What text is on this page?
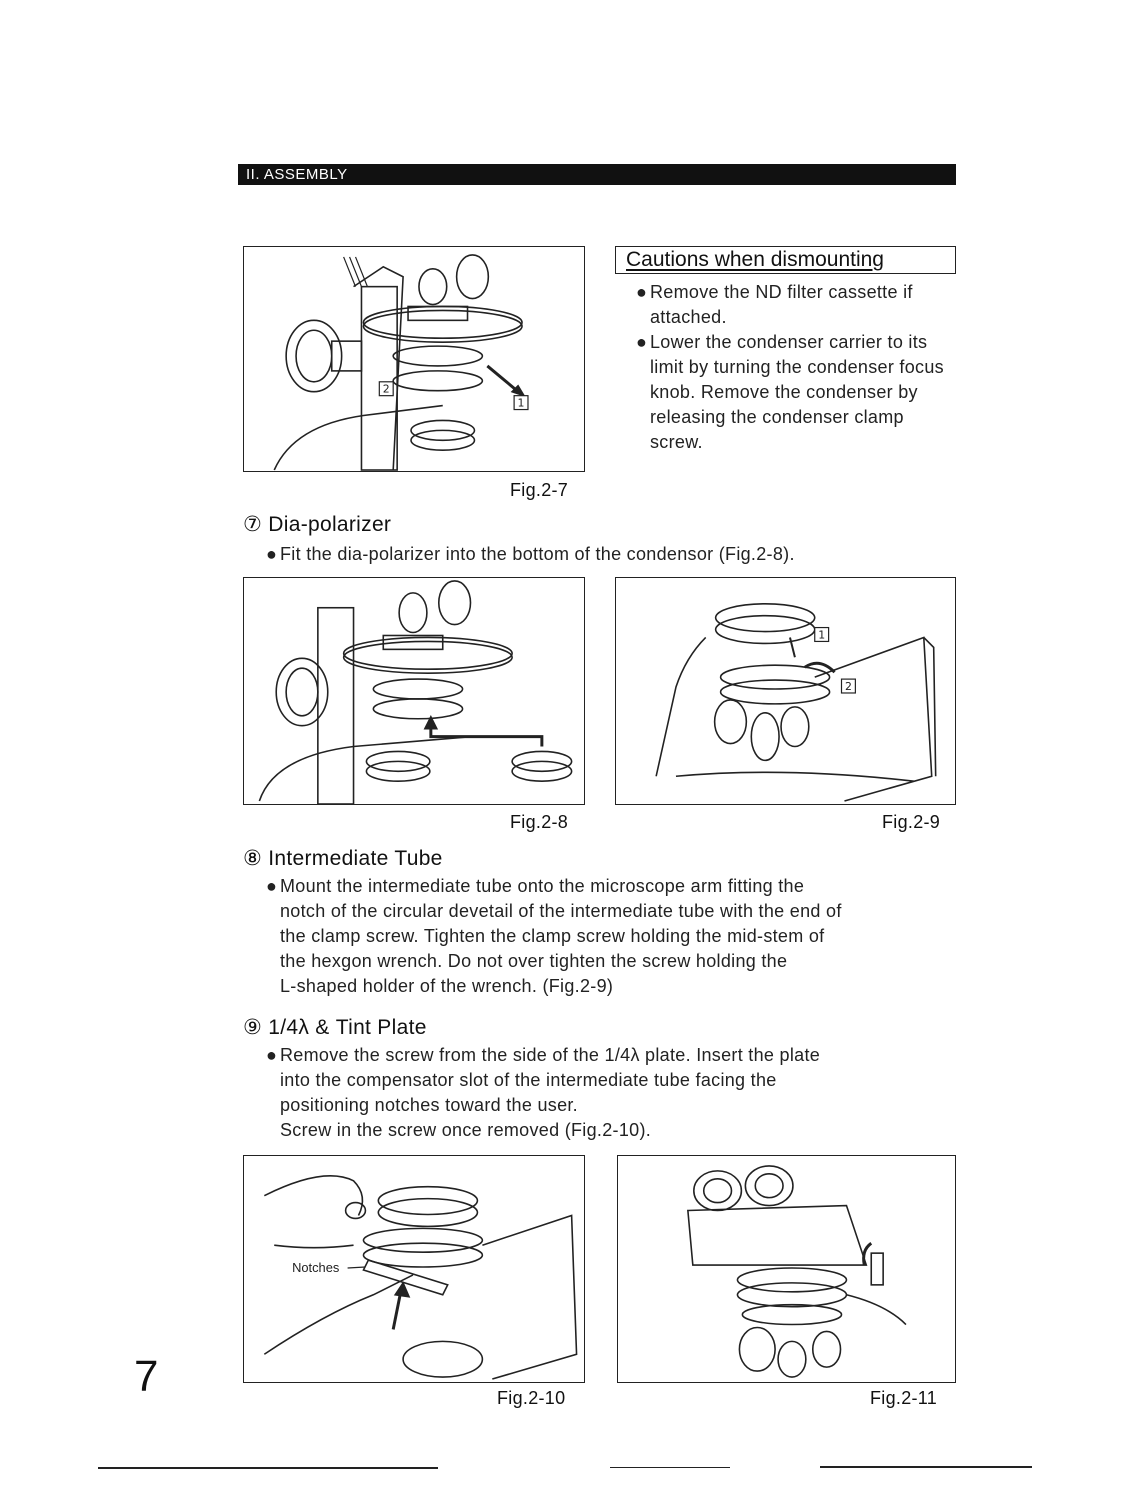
II. ASSEMBLY
1
2
Fig.2-7
Cautions when dismounting
● Remove the ND filter cassette if attached.
● Lower the condenser carrier to its limit by turning the condenser focus knob. Remove the condenser by releasing the condenser clamp screw.
⑦ Dia-polarizer
● Fit the dia-polarizer into the bottom of the condensor (Fig.2-8).
Fig.2-8
1
2
Fig.2-9
⑧ Intermediate Tube
● Mount the intermediate tube onto the microscope arm fitting the
notch of the circular devetail of the intermediate tube with the end of
the clamp screw. Tighten the clamp screw holding the mid-stem of
the hexgon wrench. Do not over tighten the screw holding the
L-shaped holder of the wrench. (Fig.2-9)
⑨ 1/4λ & Tint Plate
● Remove the screw from the side of the 1/4λ plate. Insert the plate
into the compensator slot of the intermediate tube facing the
positioning notches toward the user.
Screw in the screw once removed (Fig.2-10).
Notches
Fig.2-10	Fig.2-11
7
